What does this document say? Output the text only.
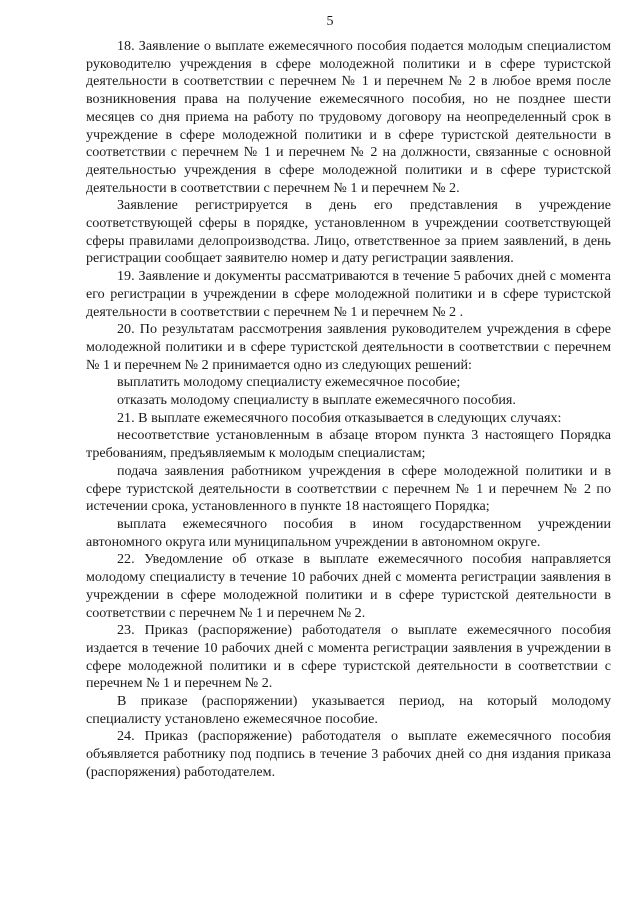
5

18. Заявление о выплате ежемесячного пособия подается молодым специалистом руководителю учреждения в сфере молодежной политики и в сфере туристской деятельности в соответствии с перечнем № 1 и перечнем № 2 в любое время после возникновения права на получение ежемесячного пособия, но не позднее шести месяцев со дня приема на работу по трудовому договору на неопределенный срок в учреждение в сфере молодежной политики и в сфере туристской деятельности в соответствии с перечнем № 1 и перечнем № 2 на должности, связанные с основной деятельностью учреждения в сфере молодежной политики и в сфере туристской деятельности в соответствии с перечнем № 1 и перечнем № 2.

Заявление регистрируется в день его представления в учреждение соответствующей сферы в порядке, установленном в учреждении соответствующей сферы правилами делопроизводства. Лицо, ответственное за прием заявлений, в день регистрации сообщает заявителю номер и дату регистрации заявления.

19. Заявление и документы рассматриваются в течение 5 рабочих дней с момента его регистрации в учреждении в сфере молодежной политики и в сфере туристской деятельности в соответствии с перечнем № 1 и перечнем № 2 .

20. По результатам рассмотрения заявления руководителем учреждения в сфере молодежной политики и в сфере туристской деятельности в соответствии с перечнем № 1 и перечнем № 2 принимается одно из следующих решений:

выплатить молодому специалисту ежемесячное пособие;

отказать молодому специалисту в выплате ежемесячного пособия.

21. В выплате ежемесячного пособия отказывается в следующих случаях:

несоответствие установленным в абзаце втором пункта 3 настоящего Порядка требованиям, предъявляемым к молодым специалистам;

подача заявления работником учреждения в сфере молодежной политики и в сфере туристской деятельности в соответствии с перечнем № 1 и перечнем № 2 по истечении срока, установленного в пункте 18 настоящего Порядка;

выплата ежемесячного пособия в ином государственном учреждении автономного округа или муниципальном учреждении в автономном округе.

22. Уведомление об отказе в выплате ежемесячного пособия направляется молодому специалисту в течение 10 рабочих дней с момента регистрации заявления в учреждении в сфере молодежной политики и в сфере туристской деятельности в соответствии с перечнем № 1 и перечнем № 2.

23. Приказ (распоряжение) работодателя о выплате ежемесячного пособия издается в течение 10 рабочих дней с момента регистрации заявления в учреждении в сфере молодежной политики и в сфере туристской деятельности в соответствии с перечнем № 1 и перечнем № 2.

В приказе (распоряжении) указывается период, на который молодому специалисту установлено ежемесячное пособие.

24. Приказ (распоряжение) работодателя о выплате ежемесячного пособия объявляется работнику под подпись в течение 3 рабочих дней со дня издания приказа (распоряжения) работодателем.
